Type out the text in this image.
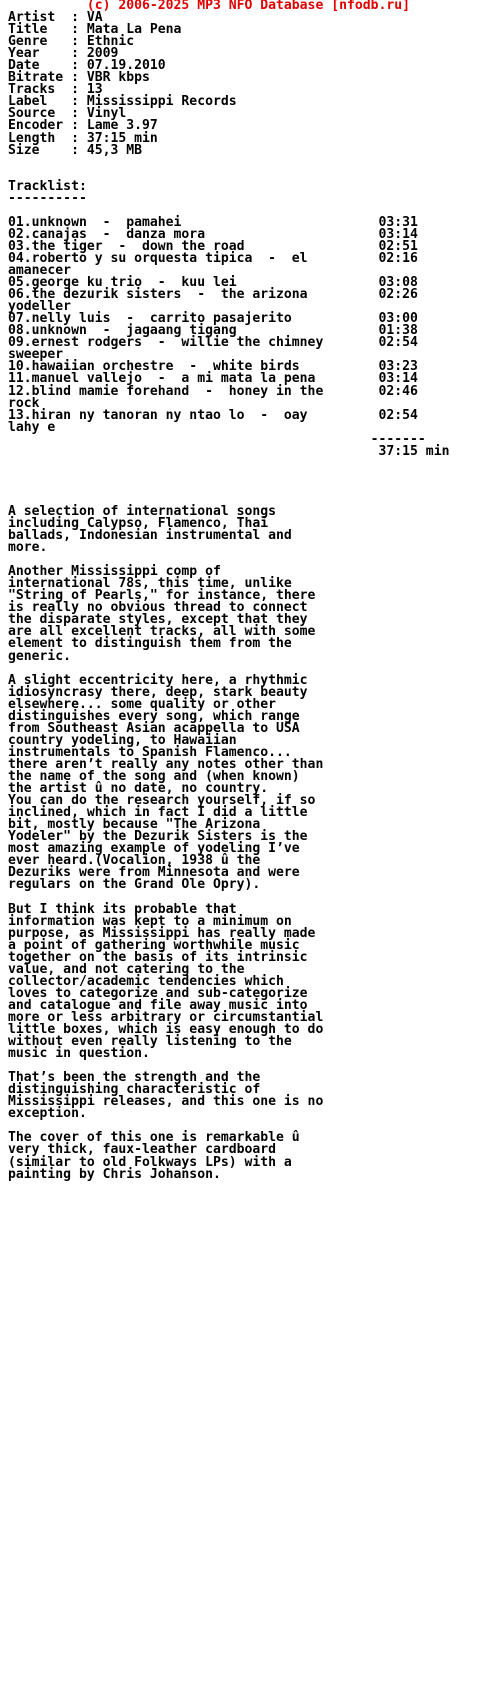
(c) 2006-2025 MP3 NFO Database [nfodb.ru]
Artist  : VA
Title   : Mata La Pena
Genre   : Ethnic
Year    : 2009
Date    : 07.19.2010
Bitrate : VBR kbps
Tracks  : 13
Label   : Mississippi Records
Source  : Vinyl
Encoder : Lame 3.97
Length  : 37:15 min
Size    : 45,3 MB

Tracklist:
----------

01.unknown  -  pamahei                         03:31
02.canajas  -  danza mora                      03:14
03.the tiger  -  down the road                 02:51
04.roberto y su orquesta tipica  -  el         02:16
amanecer
05.george ku trio  -  kuu lei                  03:08
06.the dezurik sisters  -  the arizona         02:26
yodeller
07.nelly luis  -  carrito pasajerito           03:00
08.unknown  -  jagaang tigang                  01:38
09.ernest rodgers  -  willie the chimney       02:54
sweeper
10.hawaiian orchestre  -  white birds          03:23
11.manuel vallejo  -  a mi mata la pena        03:14
12.blind mamie forehand  -  honey in the       02:46
rock
13.hiran ny tanoran ny ntao lo  -  oay         02:54
lahy e
-------
37:15 min

A selection of international songs
including Calypso, Flamenco, Thai
ballads, Indonesian instrumental and
more.

Another Mississippi comp of
international 78s, this time, unlike
"String of Pearls," for instance, there
is really no obvious thread to connect
the disparate styles, except that they
are all excellent tracks, all with some
element to distinguish them from the
generic.

A slight eccentricity here, a rhythmic
idiosyncrasy there, deep, stark beauty
elsewhere... some quality or other
distinguishes every song, which range
from Southeast Asian acappella to USA
country yodeling, to Hawaiian
instrumentals to Spanish Flamenco...
there aren’t really any notes other than
the name of the song and (when known)
the artist û no date, no country.
You can do the research yourself, if so
inclined, which in fact I did a little
bit, mostly because "The Arizona
Yodeler" by the Dezurik Sisters is the
most amazing example of yodeling I’ve
ever heard.(Vocalion, 1938 û the
Dezuriks were from Minnesota and were
regulars on the Grand Ole Opry).

But I think its probable that
information was kept to a minimum on
purpose, as Mississippi has really made
a point of gathering worthwhile music
together on the basis of its intrinsic
value, and not catering to the
collector/academic tendencies which
loves to categorize and sub-categorize
and catalogue and file away music into
more or less arbitrary or circumstantial
little boxes, which is easy enough to do
without even really listening to the
music in question.

That’s been the strength and the
distinguishing characteristic of
Mississippi releases, and this one is no
exception.

The cover of this one is remarkable û
very thick, faux-leather cardboard
(similar to old Folkways LPs) with a
painting by Chris Johanson.
